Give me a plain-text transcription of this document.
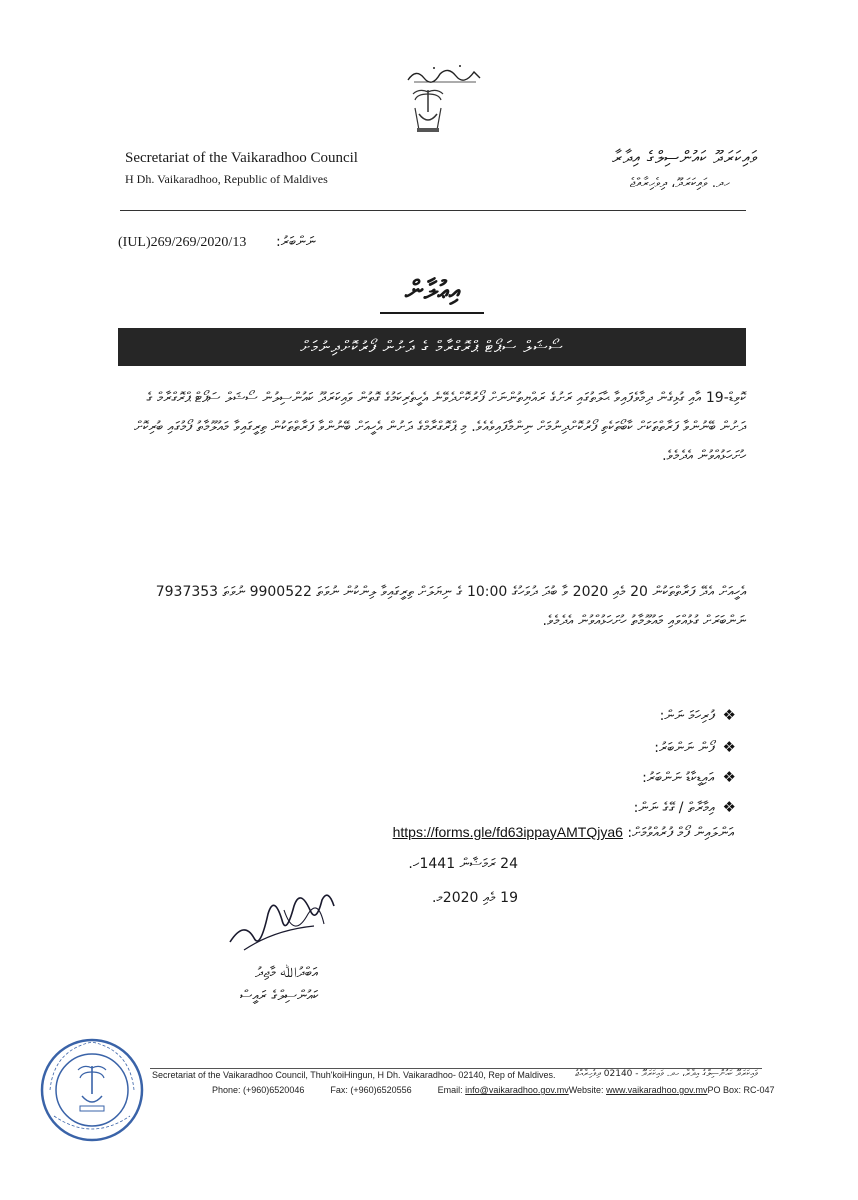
ވައިކަރަދޫ ކައުންސިލްގެ އިދާރާ
ހދ. ވައިކަރަދޫ، ދިވެހިރާއްޖެ
Secretariat of the Vaikaradhoo Council
H Dh. Vaikaradhoo, Republic of Maldives
(IUL)269/269/2020/13 ނަންބަރު:
އިޢުލާން
ސޯޝަލް ސަޕޯޓް ޕްރޮގްރާމް ގެ ދަށުން ފޯރުކޮށްދިނުމަށް

ކޮވިޑް-19 އާއި ގުޅިގެން ދިމާވެފައިވާ ޙާލަތުގައި ރަށުގެ ރައްޔިތުންނަށް ފޯރުކޮށްދެވޭނެ އެހީތެރިކަމުގެ ގޮތުން ވައިކަރަދޫ ކައުންސިލުން ސޯޝަލް ސަޕޯޓް ޕްރޮގްރާމް ގެ ދަށުން ބޭނުންވާ ފަރާތްތަކަށް ކާބޯތަކެތި ފޯރުކޮށްދިނުމަށް ނިންމާފައިވެއެވެ. މި ޕްރޮގްރާމްގެ ދަށުން އެހީއަށް ބޭނުންވާ ފަރާތްތަކުން ތިރީގައިވާ މައުލޫމާތު ފޯމުގައި ބުރިކޮށް ހުށަހަޅުއްވުން އެދެމެވެ.

އެހީއަށް އެދޭ ފަރާތްތަކުން 20 މެއި 2020 ވާ ބުދަ ދުވަހުގެ 10:00 ގެ ނިޔަލަށް ތިރީގައިވާ ލިންކުން ނުވަތަ 9900522 ނުވަތަ 7937353 ނަންބަރަށް ގުޅުއްވައި މައުލޫމާތު ހުށަހަޅުއްވުން އެދެމެވެ.

❖ފުރިހަމަ ނަން:
❖ފޯން ނަންބަރު:
❖އައިޑީކާޑު ނަންބަރު:
❖އިމާރާތް / ގޭގެ ނަން:
އަންލައިން ފޯމް ފުރުއްވުމަށް: https://forms.gle/fd63ippayAMTQjya6
24 ރަމަޟާން 1441ހ.
19 މެއި 2020މ.
އަބްދުﷲ މާޖިދު
ކައުންސިލްގެ ރައީސް
Secretariat of the Vaikaradhoo Council, Thuh'koiHingun, H Dh. Vaikaradhoo- 02140, Rep of Maldives. ވައިކަރަދޫ ކައުންސިލްގެ އިދާރާ، ހދ. ވައިކަރަދޫ - 02140 ދިވެހިރާއްޖެ
Phone: (+960)6520046	Fax: (+960)6520556	Email: info@vaikaradhoo.gov.mvWebsite: www.vaikaradhoo.gov.mvPO Box: RC-047
